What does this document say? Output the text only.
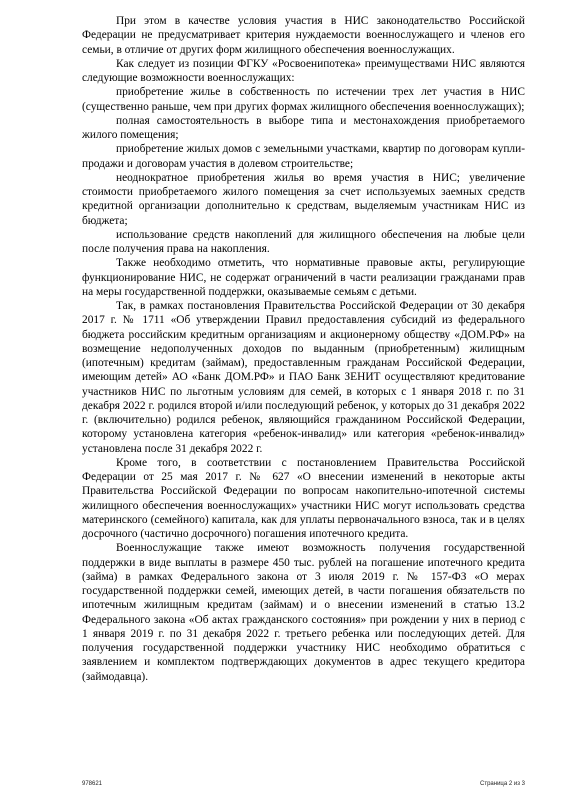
При этом в качестве условия участия в НИС законодательство Российской Федерации не предусматривает критерия нуждаемости военнослужащего и членов его семьи, в отличие от других форм жилищного обеспечения военнослужащих.

Как следует из позиции ФГКУ «Росвоенипотека» преимуществами НИС являются следующие возможности военнослужащих:

приобретение жилье в собственность по истечении трех лет участия в НИС (существенно раньше, чем при других формах жилищного обеспечения военнослужащих);

полная самостоятельность в выборе типа и местонахождения приобретаемого жилого помещения;

приобретение жилых домов с земельными участками, квартир по договорам купли-продажи и договорам участия в долевом строительстве;

неоднократное приобретения жилья во время участия в НИС; увеличение стоимости приобретаемого жилого помещения за счет используемых заемных средств кредитной организации дополнительно к средствам, выделяемым участникам НИС из бюджета;

использование средств накоплений для жилищного обеспечения на любые цели после получения права на накопления.

Также необходимо отметить, что нормативные правовые акты, регулирующие функционирование НИС, не содержат ограничений в части реализации гражданами прав на меры государственной поддержки, оказываемые семьям с детьми.

Так, в рамках постановления Правительства Российской Федерации от 30 декабря 2017 г. № 1711 «Об утверждении Правил предоставления субсидий из федерального бюджета российским кредитным организациям и акционерному обществу «ДОМ.РФ» на возмещение недополученных доходов по выданным (приобретенным) жилищным (ипотечным) кредитам (займам), предоставленным гражданам Российской Федерации, имеющим детей» АО «Банк ДОМ.РФ» и ПАО Банк ЗЕНИТ осуществляют кредитование участников НИС по льготным условиям для семей, в которых с 1 января 2018 г. по 31 декабря 2022 г. родился второй и/или последующий ребенок, у которых до 31 декабря 2022 г. (включительно) родился ребенок, являющийся гражданином Российской Федерации, которому установлена категория «ребенок-инвалид» или категория «ребенок-инвалид» установлена после 31 декабря 2022 г.

Кроме того, в соответствии с постановлением Правительства Российской Федерации от 25 мая 2017 г. № 627 «О внесении изменений в некоторые акты Правительства Российской Федерации по вопросам накопительно-ипотечной системы жилищного обеспечения военнослужащих» участники НИС могут использовать средства материнского (семейного) капитала, как для уплаты первоначального взноса, так и в целях досрочного (частично досрочного) погашения ипотечного кредита.

Военнослужащие также имеют возможность получения государственной поддержки в виде выплаты в размере 450 тыс. рублей на погашение ипотечного кредита (займа) в рамках Федерального закона от 3 июля 2019 г. № 157-ФЗ «О мерах государственной поддержки семей, имеющих детей, в части погашения обязательств по ипотечным жилищным кредитам (займам) и о внесении изменений в статью 13.2 Федерального закона «Об актах гражданского состояния» при рождении у них в период с 1 января 2019 г. по 31 декабря 2022 г. третьего ребенка или последующих детей. Для получения государственной поддержки участнику НИС необходимо обратиться с заявлением и комплектом подтверждающих документов в адрес текущего кредитора (займодавца).

978621	Страница 2 из 3
